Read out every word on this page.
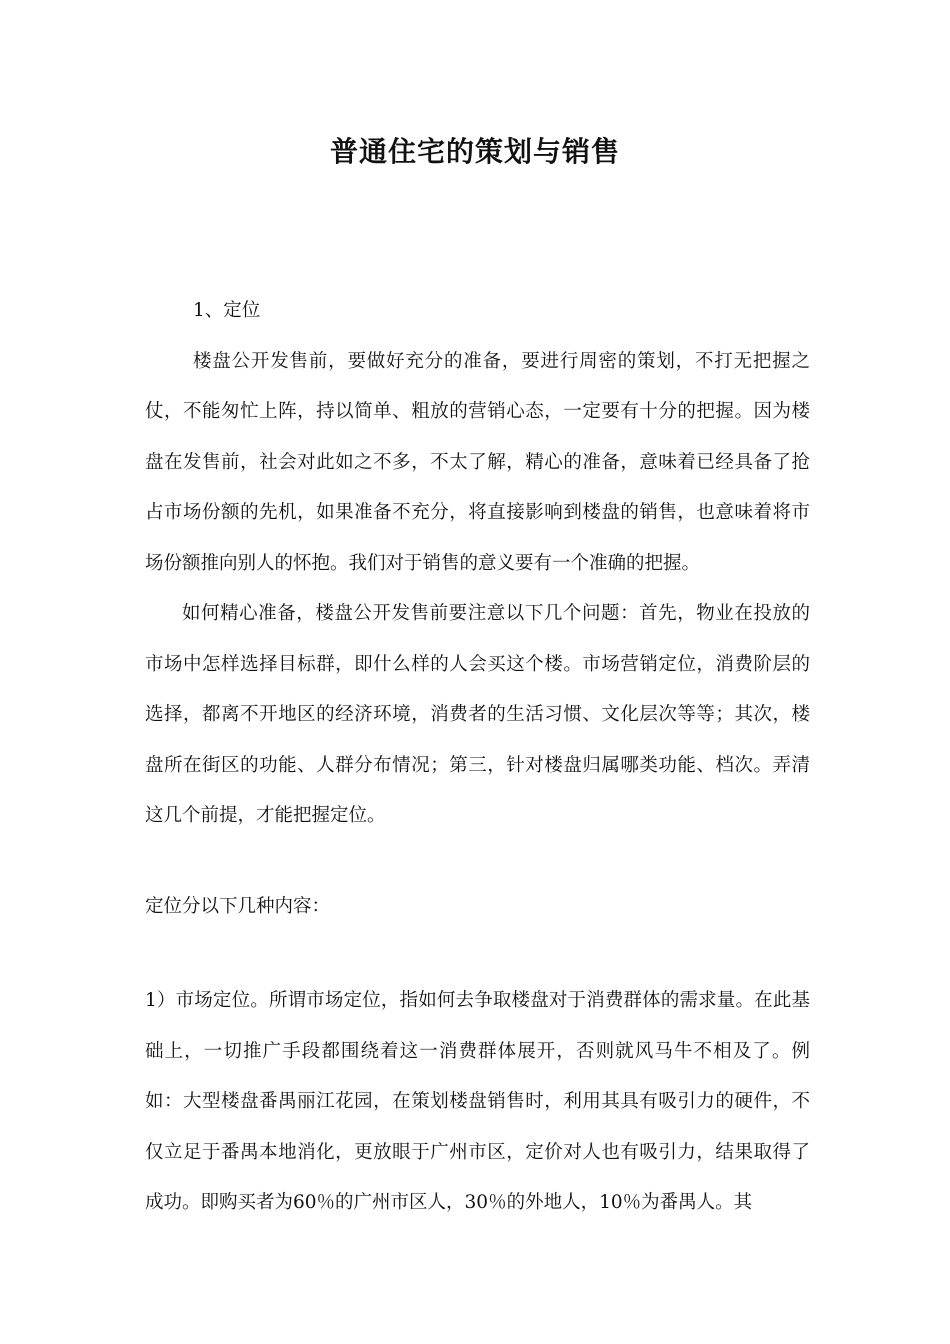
普通住宅的策划与销售

1、定位

楼盘公开发售前，要做好充分的准备，要进行周密的策划，不打无把握之仗，不能匆忙上阵，持以简单、粗放的营销心态，一定要有十分的把握。因为楼盘在发售前，社会对此如之不多，不太了解，精心的准备，意味着已经具备了抢占市场份额的先机，如果准备不充分，将直接影响到楼盘的销售，也意味着将市场份额推向别人的怀抱。我们对于销售的意义要有一个准确的把握。

如何精心准备，楼盘公开发售前要注意以下几个问题：首先，物业在投放的市场中怎样选择目标群，即什么样的人会买这个楼。市场营销定位，消费阶层的选择，都离不开地区的经济环境，消费者的生活习惯、文化层次等等；其次，楼盘所在街区的功能、人群分布情况；第三，针对楼盘归属哪类功能、档次。弄清这几个前提，才能把握定位。

定位分以下几种内容：

1）市场定位。所谓市场定位，指如何去争取楼盘对于消费群体的需求量。在此基础上，一切推广手段都围绕着这一消费群体展开，否则就风马牛不相及了。例如：大型楼盘番禺丽江花园，在策划楼盘销售时，利用其具有吸引力的硬件，不仅立足于番禺本地消化，更放眼于广州市区，定价对人也有吸引力，结果取得了成功。即购买者为60％的广州市区人，30％的外地人，10％为番禺人。其
